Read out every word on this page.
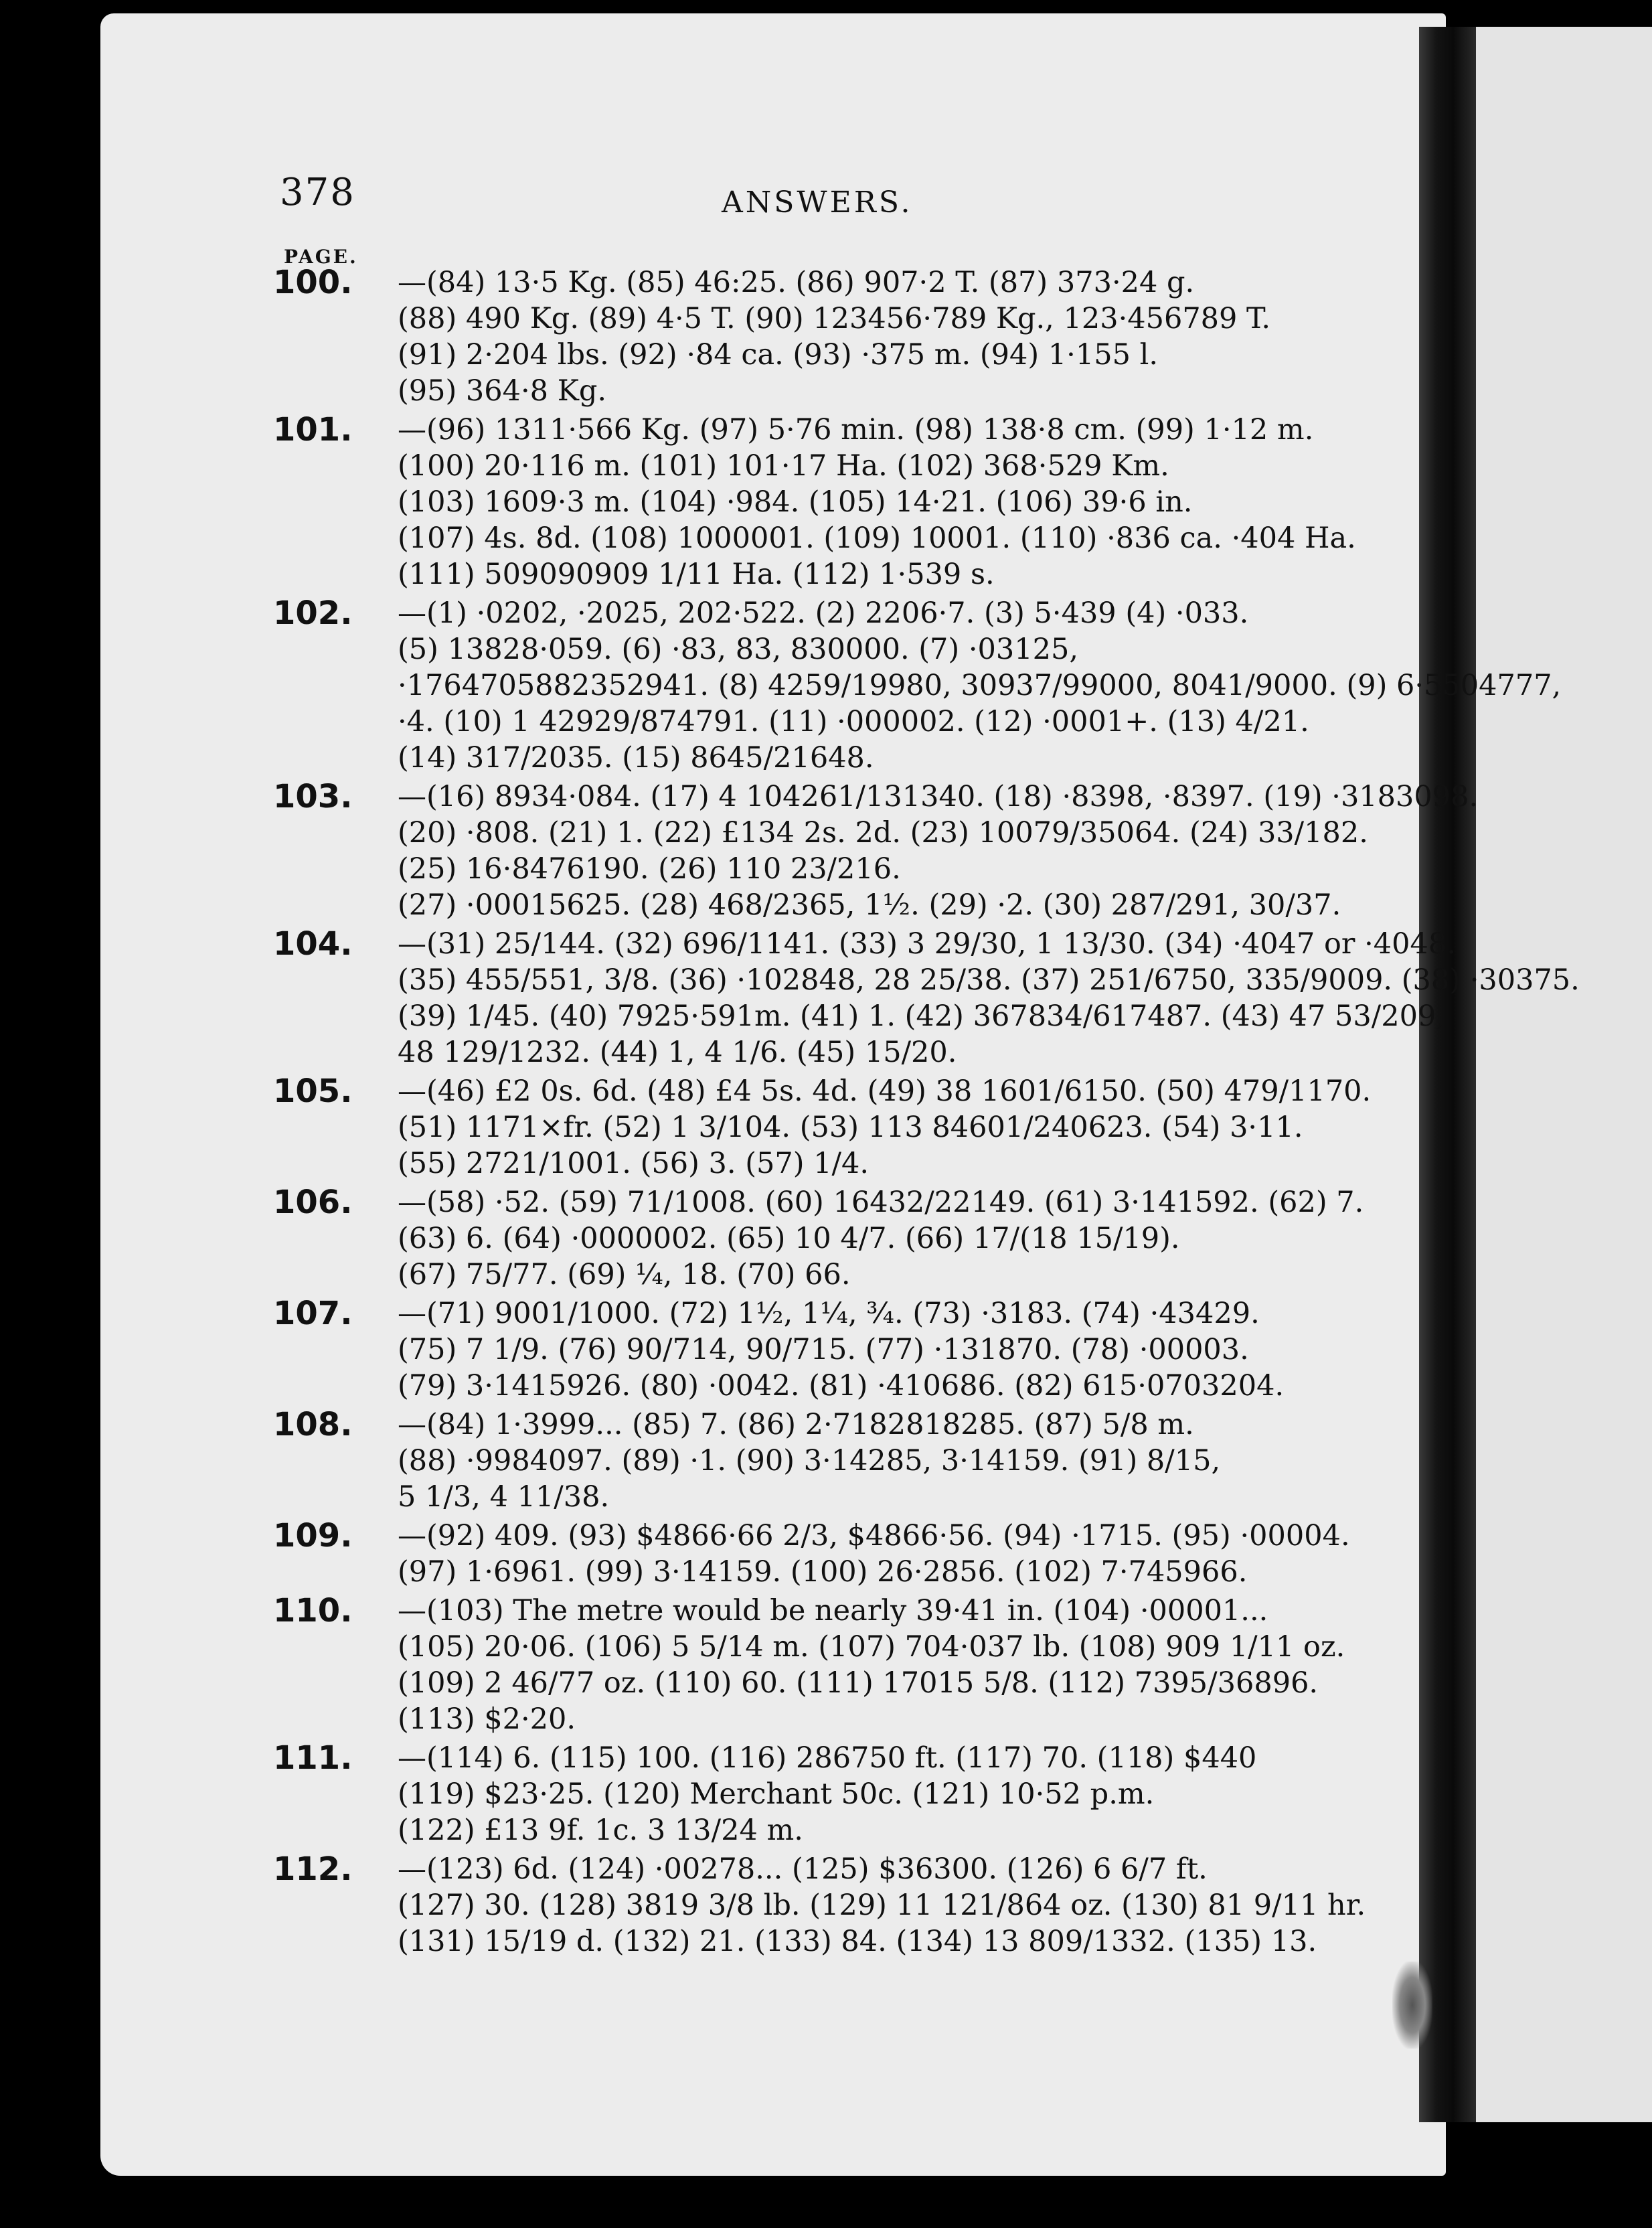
378	ANSWERS.
PAGE.
100.	—(84) 13·5 Kg. (85) 46:25. (86) 907·2 T. (87) 373·24 g.
(88) 490 Kg. (89) 4·5 T. (90) 123456·789 Kg., 123·456789 T.
(91) 2·204 lbs. (92) ·84 ca. (93) ·375 m. (94) 1·155 l.
(95) 364·8 Kg.
101.	—(96) 1311·566 Kg. (97) 5·76 min. (98) 138·8 cm. (99) 1·12 m.
(100) 20·116 m. (101) 101·17 Ha. (102) 368·529 Km.
(103) 1609·3 m. (104) ·984. (105) 14·21. (106) 39·6 in.
(107) 4s. 8d. (108) 1000001. (109) 10001. (110) ·836 ca. ·404 Ha.
(111) 509090909 1/11 Ha. (112) 1·539 s.
102.	—(1) ·0202, ·2025, 202·522. (2) 2206·7. (3) 5·439 (4) ·033.
(5) 13828·059. (6) ·83, 83, 830000. (7) ·03125,
·1764705882352941. (8) 4259/19980, 30937/99000, 8041/9000. (9) 6·5504777,
·4. (10) 1 42929/874791. (11) ·000002. (12) ·0001+. (13) 4/21.
(14) 317/2035. (15) 8645/21648.
103.	—(16) 8934·084. (17) 4 104261/131340. (18) ·8398, ·8397. (19) ·3183098.
(20) ·808. (21) 1. (22) £134 2s. 2d. (23) 10079/35064. (24) 33/182.
(25) 16·8476190. (26) 110 23/216.
(27) ·00015625. (28) 468/2365, 1½. (29) ·2. (30) 287/291, 30/37.
104.	—(31) 25/144. (32) 696/1141. (33) 3 29/30, 1 13/30. (34) ·4047 or ·4048.
(35) 455/551, 3/8. (36) ·102848, 28 25/38. (37) 251/6750, 335/9009. (38) ·30375.
(39) 1/45. (40) 7925·591m. (41) 1. (42) 367834/617487. (43) 47 53/209,
48 129/1232. (44) 1, 4 1/6. (45) 15/20.
105.	—(46) £2 0s. 6d. (48) £4 5s. 4d. (49) 38 1601/6150. (50) 479/1170.
(51) 1171×fr. (52) 1 3/104. (53) 113 84601/240623. (54) 3·11.
(55) 2721/1001. (56) 3. (57) 1/4.
106.	—(58) ·52. (59) 71/1008. (60) 16432/22149. (61) 3·141592. (62) 7.
(63) 6. (64) ·0000002. (65) 10 4/7. (66) 17/(18 15/19).
(67) 75/77. (69) ¼, 18. (70) 66.
107.	—(71) 9001/1000. (72) 1½, 1¼, ¾. (73) ·3183. (74) ·43429.
(75) 7 1/9. (76) 90/714, 90/715. (77) ·131870. (78) ·00003.
(79) 3·1415926. (80) ·0042. (81) ·410686. (82) 615·0703204.
108.	—(84) 1·3999... (85) 7. (86) 2·7182818285. (87) 5/8 m.
(88) ·9984097. (89) ·1. (90) 3·14285, 3·14159. (91) 8/15,
5 1/3, 4 11/38.
109.	—(92) 409. (93) $4866·66 2/3, $4866·56. (94) ·1715. (95) ·00004.
(97) 1·6961. (99) 3·14159. (100) 26·2856. (102) 7·745966.
110.	—(103) The metre would be nearly 39·41 in. (104) ·00001...
(105) 20·06. (106) 5 5/14 m. (107) 704·037 lb. (108) 909 1/11 oz.
(109) 2 46/77 oz. (110) 60. (111) 17015 5/8. (112) 7395/36896.
(113) $2·20.
111.	—(114) 6. (115) 100. (116) 286750 ft. (117) 70. (118) $440
(119) $23·25. (120) Merchant 50c. (121) 10·52 p.m.
(122) £13 9f. 1c. 3 13/24 m.
112.	—(123) 6d. (124) ·00278... (125) $36300. (126) 6 6/7 ft.
(127) 30. (128) 3819 3/8 lb. (129) 11 121/864 oz. (130) 81 9/11 hr.
(131) 15/19 d. (132) 21. (133) 84. (134) 13 809/1332. (135) 13.
